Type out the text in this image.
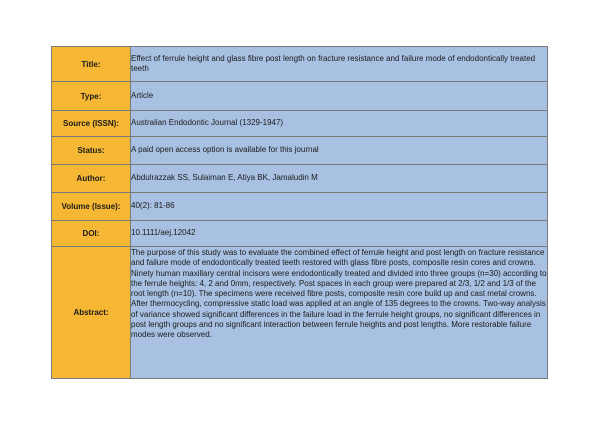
Title:	Effect of ferrule height and glass fibre post length on fracture resistance and failure mode of endodontically treated teeth
Type:	Article
Source (ISSN):	Australian Endodontic Journal (1329-1947)
Status:	A paid open access option is available for this journal
Author:	Abdulrazzak SS, Sulaiman E, Atiya BK, Jamaludin M
Volume (Issue):	40(2): 81-86
DOI:	10.1111/aej.12042
Abstract:	The purpose of this study was to evaluate the combined effect of ferrule height and post length on fracture resistance and failure mode of endodontically treated teeth restored with glass fibre posts, composite resin cores and crowns. Ninety human maxillary central incisors were endodontically treated and divided into three groups (n=30) according to the ferrule heights: 4, 2 and 0mm, respectively. Post spaces in each group were prepared at 2/3, 1/2 and 1/3 of the root length (n=10). The specimens were received fibre posts, composite resin core build up and cast metal crowns. After thermocycling, compressive static load was applied at an angle of 135 degrees to the crowns. Two-way analysis of variance showed significant differences in the failure load in the ferrule height groups, no significant differences in post length groups and no significant interaction between ferrule heights and post lengths. More restorable failure modes were observed.
